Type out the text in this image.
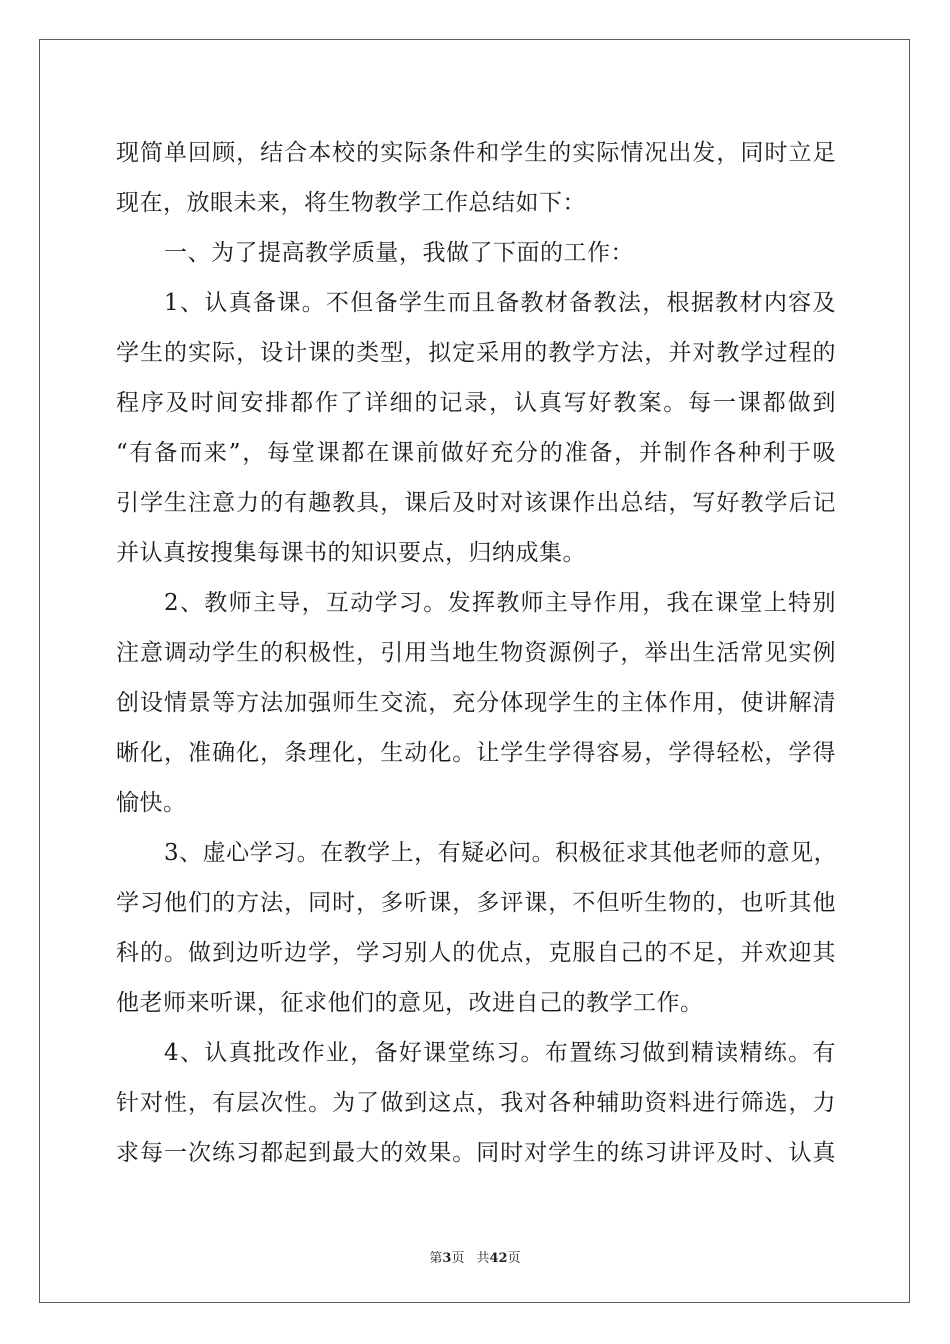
现简单回顾，结合本校的实际条件和学生的实际情况出发，同时立足
现在，放眼未来，将生物教学工作总结如下：
一、为了提高教学质量，我做了下面的工作：
1、认真备课。不但备学生而且备教材备教法，根据教材内容及
学生的实际，设计课的类型，拟定采用的教学方法，并对教学过程的
程序及时间安排都作了详细的记录，认真写好教案。每一课都做到
“有备而来”，每堂课都在课前做好充分的准备，并制作各种利于吸
引学生注意力的有趣教具，课后及时对该课作出总结，写好教学后记
并认真按搜集每课书的知识要点，归纳成集。
2、教师主导，互动学习。发挥教师主导作用，我在课堂上特别
注意调动学生的积极性，引用当地生物资源例子，举出生活常见实例
创设情景等方法加强师生交流，充分体现学生的主体作用，使讲解清
晰化，准确化，条理化，生动化。让学生学得容易，学得轻松，学得
愉快。
3、虚心学习。在教学上，有疑必问。积极征求其他老师的意见，
学习他们的方法，同时，多听课，多评课，不但听生物的，也听其他
科的。做到边听边学，学习别人的优点，克服自己的不足，并欢迎其
他老师来听课，征求他们的意见，改进自己的教学工作。
4、认真批改作业，备好课堂练习。布置练习做到精读精练。有
针对性，有层次性。为了做到这点，我对各种辅助资料进行筛选，力
求每一次练习都起到最大的效果。同时对学生的练习讲评及时、认真
第3页 共42页
